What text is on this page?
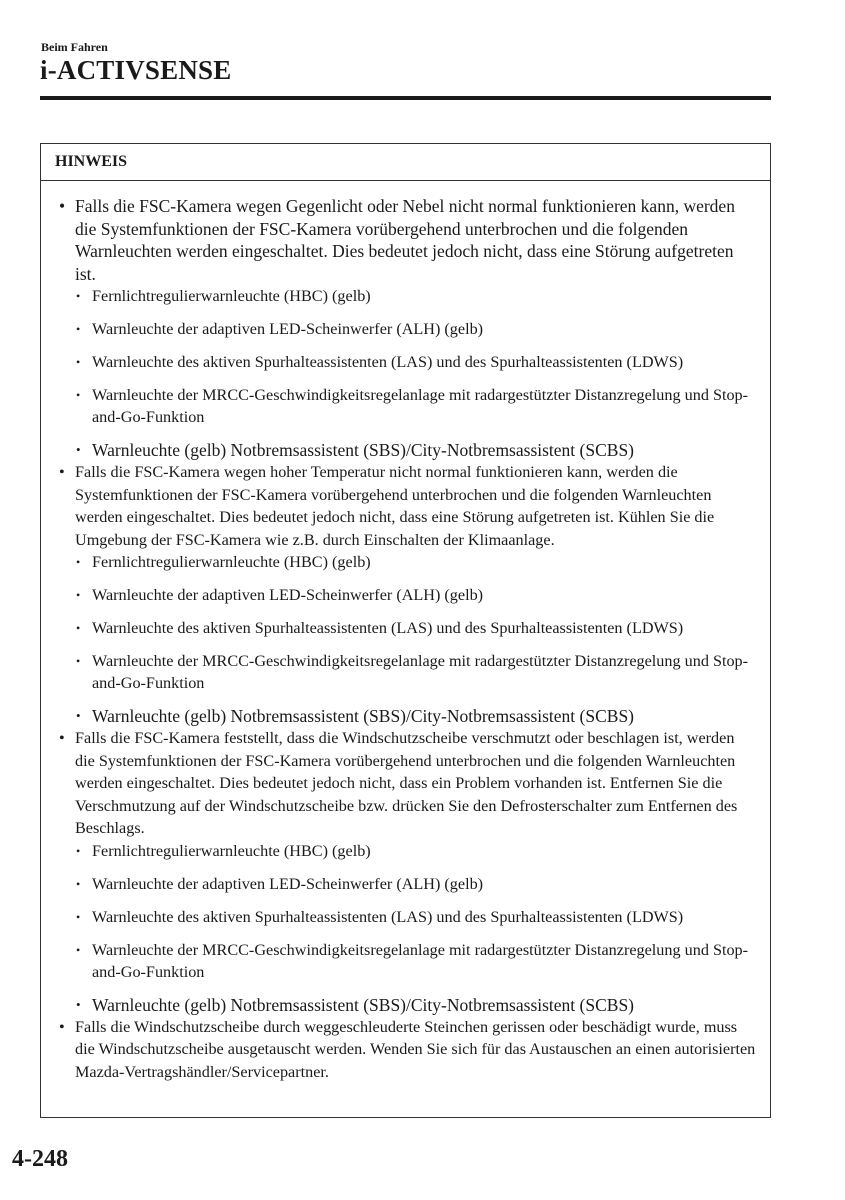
Beim Fahren
i-ACTIVSENSE
HINWEIS
• Falls die FSC-Kamera wegen Gegenlicht oder Nebel nicht normal funktionieren kann, werden die Systemfunktionen der FSC-Kamera vorübergehend unterbrochen und die folgenden Warnleuchten werden eingeschaltet. Dies bedeutet jedoch nicht, dass eine Störung aufgetreten ist.
• Fernlichtregulierwarnleuchte (HBC) (gelb)
• Warnleuchte der adaptiven LED-Scheinwerfer (ALH) (gelb)
• Warnleuchte des aktiven Spurhalteassistenten (LAS) und des Spurhalteassistenten (LDWS)
• Warnleuchte der MRCC-Geschwindigkeitsregelanlage mit radargestützter Distanzregelung und Stop-and-Go-Funktion
• Warnleuchte (gelb) Notbremsassistent (SBS)/City-Notbremsassistent (SCBS)
• Falls die FSC-Kamera wegen hoher Temperatur nicht normal funktionieren kann, werden die Systemfunktionen der FSC-Kamera vorübergehend unterbrochen und die folgenden Warnleuchten werden eingeschaltet. Dies bedeutet jedoch nicht, dass eine Störung aufgetreten ist. Kühlen Sie die Umgebung der FSC-Kamera wie z.B. durch Einschalten der Klimaanlage.
• Fernlichtregulierwarnleuchte (HBC) (gelb)
• Warnleuchte der adaptiven LED-Scheinwerfer (ALH) (gelb)
• Warnleuchte des aktiven Spurhalteassistenten (LAS) und des Spurhalteassistenten (LDWS)
• Warnleuchte der MRCC-Geschwindigkeitsregelanlage mit radargestützter Distanzregelung und Stop-and-Go-Funktion
• Warnleuchte (gelb) Notbremsassistent (SBS)/City-Notbremsassistent (SCBS)
• Falls die FSC-Kamera feststellt, dass die Windschutzscheibe verschmutzt oder beschlagen ist, werden die Systemfunktionen der FSC-Kamera vorübergehend unterbrochen und die folgenden Warnleuchten werden eingeschaltet. Dies bedeutet jedoch nicht, dass ein Problem vorhanden ist. Entfernen Sie die Verschmutzung auf der Windschutzscheibe bzw. drücken Sie den Defrosterschalter zum Entfernen des Beschlags.
• Fernlichtregulierwarnleuchte (HBC) (gelb)
• Warnleuchte der adaptiven LED-Scheinwerfer (ALH) (gelb)
• Warnleuchte des aktiven Spurhalteassistenten (LAS) und des Spurhalteassistenten (LDWS)
• Warnleuchte der MRCC-Geschwindigkeitsregelanlage mit radargestützter Distanzregelung und Stop-and-Go-Funktion
• Warnleuchte (gelb) Notbremsassistent (SBS)/City-Notbremsassistent (SCBS)
• Falls die Windschutzscheibe durch weggeschleuderte Steinchen gerissen oder beschädigt wurde, muss die Windschutzscheibe ausgetauscht werden. Wenden Sie sich für das Austauschen an einen autorisierten Mazda-Vertragshändler/Servicepartner.
4-248
